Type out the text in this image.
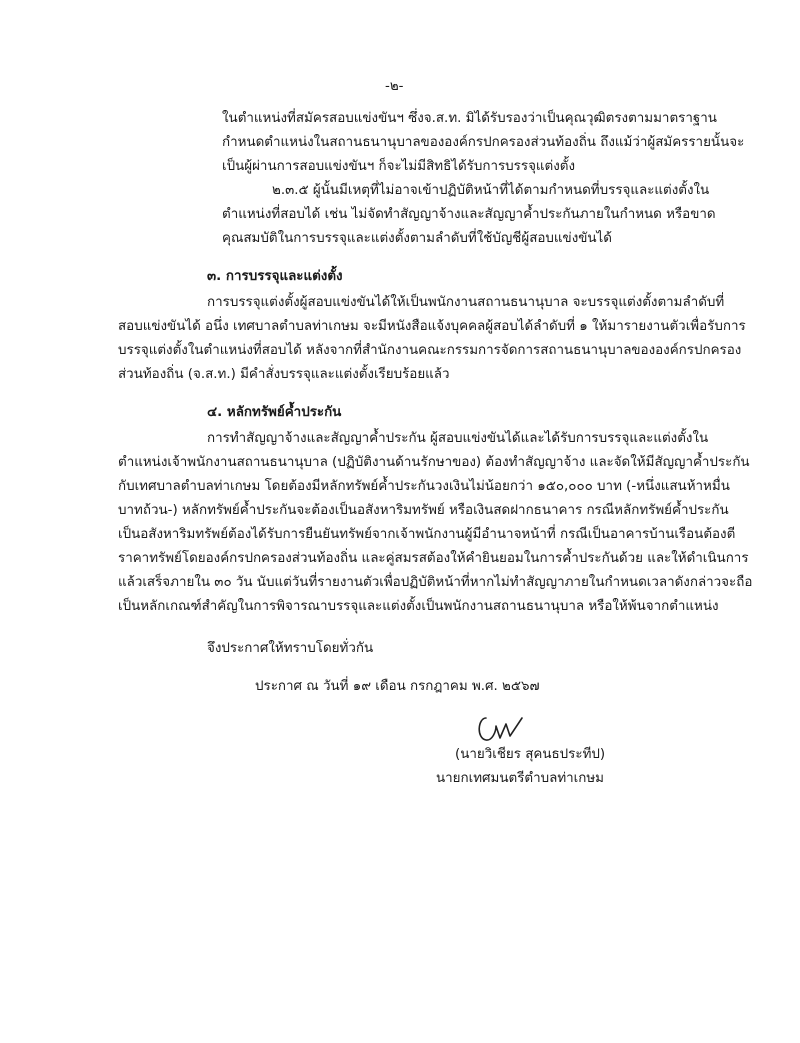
-๒-
ในตำแหน่งที่สมัครสอบแข่งขันฯ ซึ่งจ.ส.ท. มิได้รับรองว่าเป็นคุณวุฒิตรงตามมาตราฐาน
กำหนดตำแหน่งในสถานธนานุบาลขององค์กรปกครองส่วนท้องถิ่น ถึงแม้ว่าผู้สมัครรายนั้นจะ
เป็นผู้ผ่านการสอบแข่งขันฯ ก็จะไม่มีสิทธิได้รับการบรรจุแต่งตั้ง
๒.๓.๕ ผู้นั้นมีเหตุที่ไม่อาจเข้าปฏิบัติหน้าที่ได้ตามกำหนดที่บรรจุและแต่งตั้งใน
ตำแหน่งที่สอบได้ เช่น ไม่จัดทำสัญญาจ้างและสัญญาค้ำประกันภายในกำหนด หรือขาด
คุณสมบัติในการบรรจุและแต่งตั้งตามลำดับที่ใช้บัญชีผู้สอบแข่งขันได้
๓. การบรรจุและแต่งตั้ง
การบรรจุแต่งตั้งผู้สอบแข่งขันได้ให้เป็นพนักงานสถานธนานุบาล จะบรรจุแต่งตั้งตามลำดับที่
สอบแข่งขันได้ อนึ่ง เทศบาลตำบลท่าเกษม จะมีหนังสือแจ้งบุคคลผู้สอบได้ลำดับที่ ๑ ให้มารายงานตัวเพื่อรับการ
บรรจุแต่งตั้งในตำแหน่งที่สอบได้ หลังจากที่สำนักงานคณะกรรมการจัดการสถานธนานุบาลขององค์กรปกครอง
ส่วนท้องถิ่น (จ.ส.ท.) มีคำสั่งบรรจุและแต่งตั้งเรียบร้อยแล้ว
๔. หลักทรัพย์ค้ำประกัน
การทำสัญญาจ้างและสัญญาค้ำประกัน ผู้สอบแข่งขันได้และได้รับการบรรจุและแต่งตั้งใน
ตำแหน่งเจ้าพนักงานสถานธนานุบาล (ปฏิบัติงานด้านรักษาของ) ต้องทำสัญญาจ้าง และจัดให้มีสัญญาค้ำประกัน
กับเทศบาลตำบลท่าเกษม โดยต้องมีหลักทรัพย์ค้ำประกันวงเงินไม่น้อยกว่า ๑๕๐,๐๐๐ บาท (-หนึ่งแสนห้าหมื่น
บาทถ้วน-) หลักทรัพย์ค้ำประกันจะต้องเป็นอสังหาริมทรัพย์ หรือเงินสดฝากธนาคาร กรณีหลักทรัพย์ค้ำประกัน
เป็นอสังหาริมทรัพย์ต้องได้รับการยืนยันทรัพย์จากเจ้าพนักงานผู้มีอำนาจหน้าที่ กรณีเป็นอาคารบ้านเรือนต้องตี
ราคาทรัพย์โดยองค์กรปกครองส่วนท้องถิ่น และคู่สมรสต้องให้คำยินยอมในการค้ำประกันด้วย และให้ดำเนินการ
แล้วเสร็จภายใน ๓๐ วัน นับแต่วันที่รายงานตัวเพื่อปฏิบัติหน้าที่หากไม่ทำสัญญาภายในกำหนดเวลาดังกล่าวจะถือ
เป็นหลักเกณฑ์สำคัญในการพิจารณาบรรจุและแต่งตั้งเป็นพนักงานสถานธนานุบาล หรือให้พ้นจากตำแหน่ง
จึงประกาศให้ทราบโดยทั่วกัน
ประกาศ ณ วันที่ ๑๙ เดือน กรกฎาคม พ.ศ. ๒๕๖๗
(นายวิเชียร สุคนธประทีป)
นายกเทศมนตรีตำบลท่าเกษม
